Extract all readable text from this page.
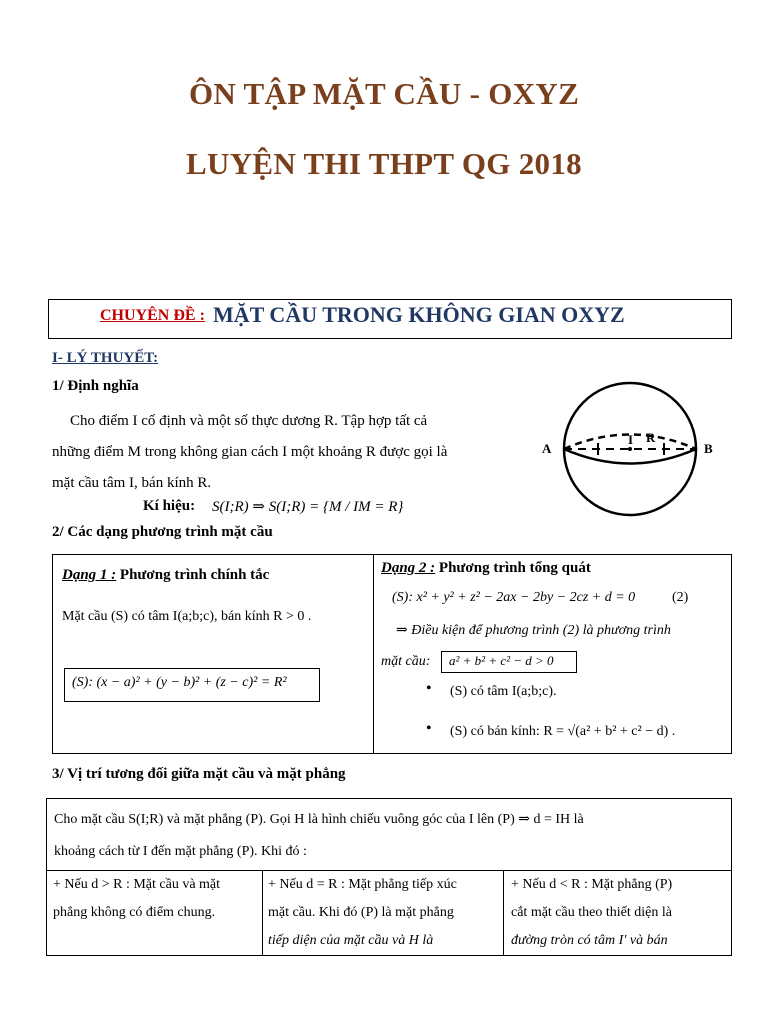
ÔN TẬP MẶT CẦU - OXYZ
LUYỆN THI THPT QG 2018
CHUYÊN ĐỀ : MẶT CẦU TRONG KHÔNG GIAN OXYZ
I- LÝ THUYẾT:
1/ Định nghĩa
Cho điểm I cố định và một số thực dương R. Tập hợp tất cả
những điểm M trong không gian cách I một khoảng R được gọi là
mặt cầu tâm I, bán kính R.
Kí hiệu: S(I;R) ⇒ S(I;R) = {M / IM = R}
A	B
I R
2/ Các dạng phương trình mặt cầu
Dạng 1 : Phương trình chính tắc
Mặt cầu (S) có tâm I(a;b;c), bán kính R > 0 .
(S): (x − a)² + (y − b)² + (z − c)² = R²
Dạng 2 : Phương trình tổng quát
(S): x² + y² + z² − 2ax − 2by − 2cz + d = 0	(2)
⇒ Điều kiện để phương trình (2) là phương trình
mặt cầu: a² + b² + c² − d > 0
• (S) có tâm I(a;b;c).
• (S) có bán kính: R = √(a² + b² + c² − d) .
3/ Vị trí tương đối giữa mặt cầu và mặt phẳng
Cho mặt cầu S(I;R) và mặt phẳng (P). Gọi H là hình chiếu vuông góc của I lên (P) ⇒ d = IH là
khoảng cách từ I đến mặt phẳng (P). Khi đó :
+ Nếu d > R : Mặt cầu và mặt
phẳng không có điểm chung.
+ Nếu d = R : Mặt phẳng tiếp xúc
mặt cầu. Khi đó (P) là mặt phẳng
tiếp diện của mặt cầu và H là
+ Nếu d < R : Mặt phẳng (P)
cắt mặt cầu theo thiết diện là
đường tròn có tâm I′ và bán
